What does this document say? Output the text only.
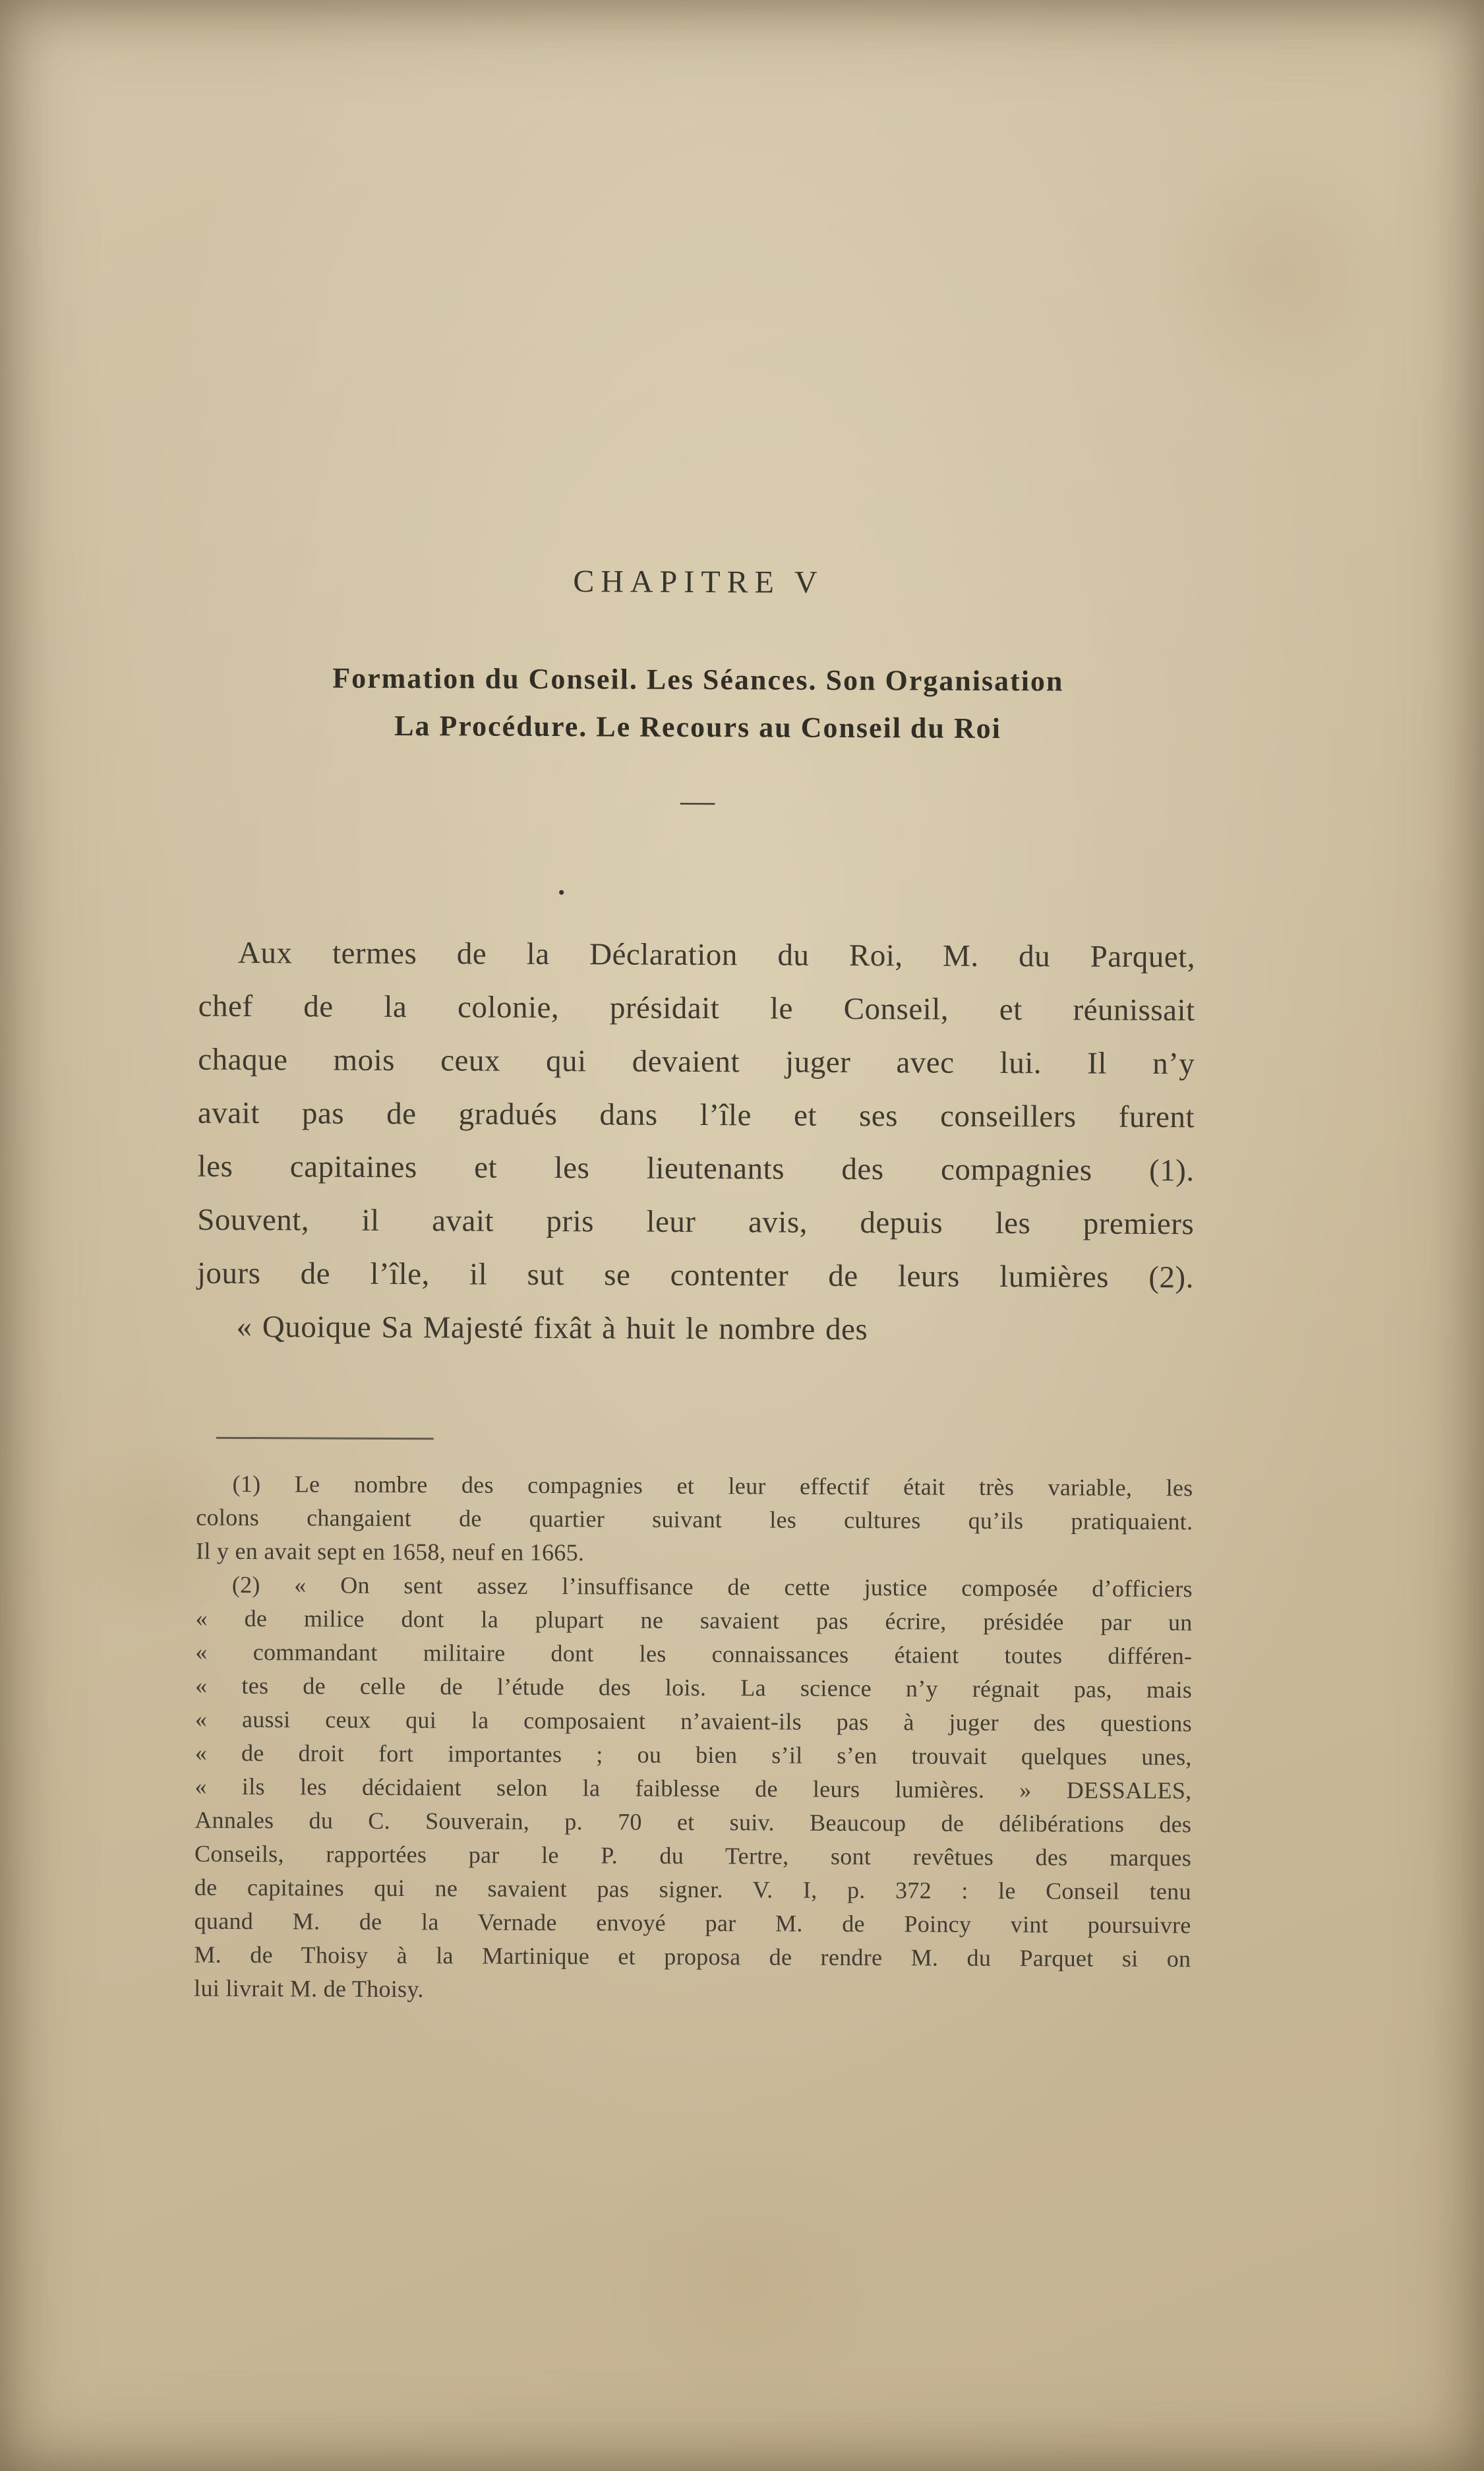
CHAPITRE V
Formation du Conseil. Les Séances. Son Organisation
La Procédure. Le Recours au Conseil du Roi
—
•
Aux termes de la Déclaration du Roi, M. du Parquet,
chef de la colonie, présidait le Conseil, et réunissait
chaque mois ceux qui devaient juger avec lui. Il n’y
avait pas de gradués dans l’île et ses conseillers furent
les capitaines et les lieutenants des compagnies (1).
Souvent, il avait pris leur avis, depuis les premiers
jours de l’île, il sut se contenter de leurs lumières (2).
« Quoique Sa Majesté fixât à huit le nombre des
(1) Le nombre des compagnies et leur effectif était très variable, les
colons changaient de quartier suivant les cultures qu’ils pratiquaient.
Il y en avait sept en 1658, neuf en 1665.
(2) « On sent assez l’insuffisance de cette justice composée d’officiers
« de milice dont la plupart ne savaient pas écrire, présidée par un
« commandant militaire dont les connaissances étaient toutes différen-
« tes de celle de l’étude des lois. La science n’y régnait pas, mais
« aussi ceux qui la composaient n’avaient-ils pas à juger des questions
« de droit fort importantes ; ou bien s’il s’en trouvait quelques unes,
« ils les décidaient selon la faiblesse de leurs lumières. » DESSALES,
Annales du C. Souverain, p. 70 et suiv. Beaucoup de délibérations des
Conseils, rapportées par le P. du Tertre, sont revêtues des marques
de capitaines qui ne savaient pas signer. V. I, p. 372 : le Conseil tenu
quand M. de la Vernade envoyé par M. de Poincy vint poursuivre
M. de Thoisy à la Martinique et proposa de rendre M. du Parquet si on
lui livrait M. de Thoisy.
